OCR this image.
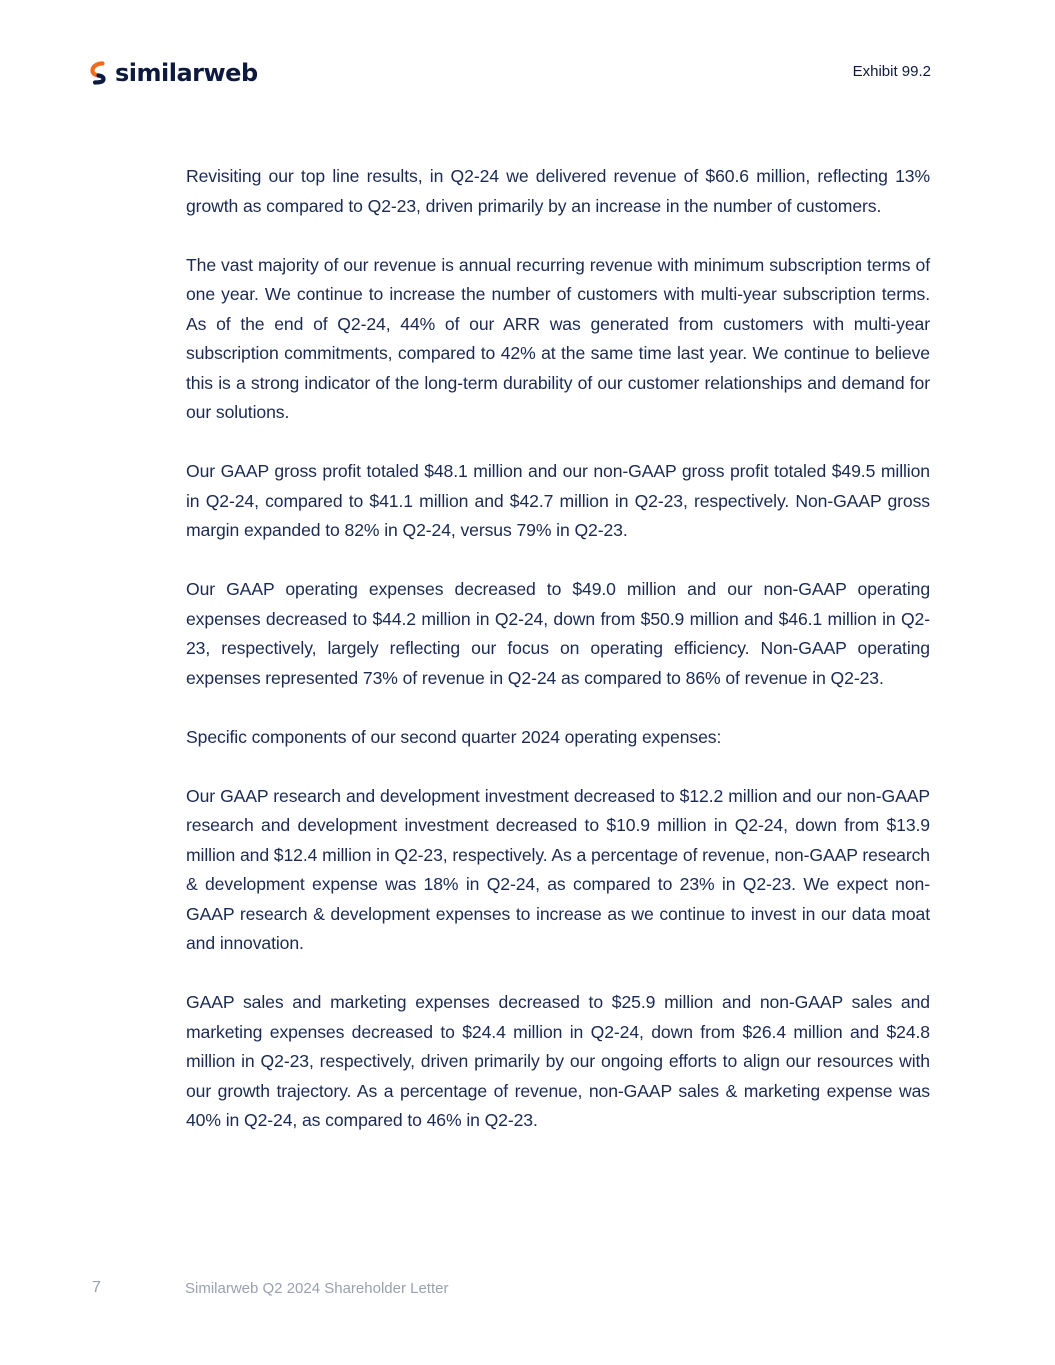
similarweb	Exhibit 99.2

Revisiting our top line results, in Q2-24 we delivered revenue of $60.6 million, reflecting 13% growth as compared to Q2-23, driven primarily by an increase in the number of customers.

The vast majority of our revenue is annual recurring revenue with minimum subscription terms of one year. We continue to increase the number of customers with multi-year subscription terms. As of the end of Q2-24, 44% of our ARR was generated from customers with multi-year subscription commitments, compared to 42% at the same time last year. We continue to believe this is a strong indicator of the long-term durability of our customer relationships and demand for our solutions.

Our GAAP gross profit totaled $48.1 million and our non-GAAP gross profit totaled $49.5 million in Q2-24, compared to $41.1 million and $42.7 million in Q2-23, respectively. Non-GAAP gross margin expanded to 82% in Q2-24, versus 79% in Q2-23.

Our GAAP operating expenses decreased to $49.0 million and our non-GAAP operating expenses decreased to $44.2 million in Q2-24, down from $50.9 million and $46.1 million in Q2-23, respectively, largely reflecting our focus on operating efficiency. Non-GAAP operating expenses represented 73% of revenue in Q2-24 as compared to 86% of revenue in Q2-23.

Specific components of our second quarter 2024 operating expenses:

Our GAAP research and development investment decreased to $12.2 million and our non-GAAP research and development investment decreased to $10.9 million in Q2-24, down from $13.9 million and $12.4 million in Q2-23, respectively. As a percentage of revenue, non-GAAP research & development expense was 18% in Q2-24, as compared to 23% in Q2-23. We expect non-GAAP research & development expenses to increase as we continue to invest in our data moat and innovation.

GAAP sales and marketing expenses decreased to $25.9 million and non-GAAP sales and marketing expenses decreased to $24.4 million in Q2-24, down from $26.4 million and $24.8 million in Q2-23, respectively, driven primarily by our ongoing efforts to align our resources with our growth trajectory. As a percentage of revenue, non-GAAP sales & marketing expense was 40% in Q2-24, as compared to 46% in Q2-23.

7	Similarweb Q2 2024 Shareholder Letter
